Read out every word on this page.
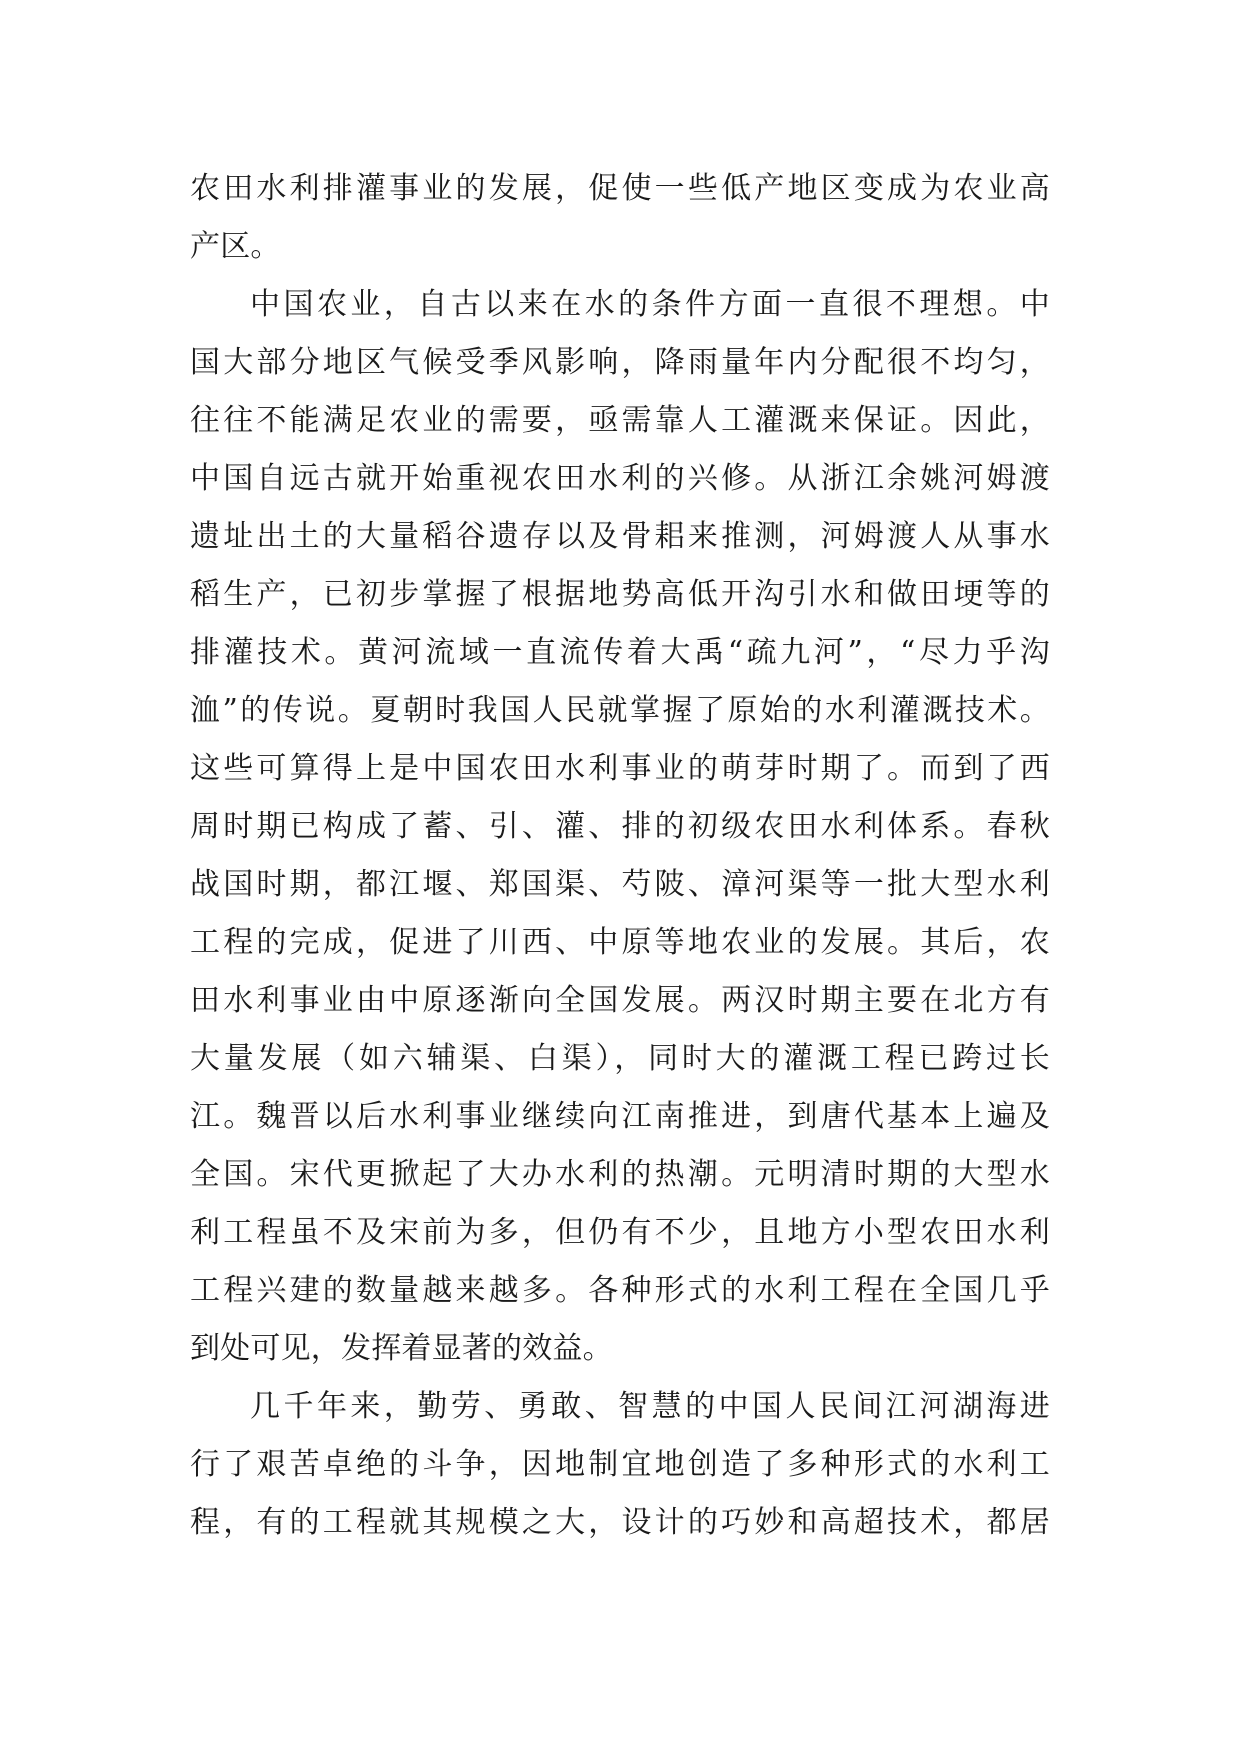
农田水利排灌事业的发展，促使一些低产地区变成为农业高
产区。
中国农业，自古以来在水的条件方面一直很不理想。中
国大部分地区气候受季风影响，降雨量年内分配很不均匀，
往往不能满足农业的需要，亟需靠人工灌溉来保证。因此，
中国自远古就开始重视农田水利的兴修。从浙江余姚河姆渡
遗址出土的大量稻谷遗存以及骨耜来推测，河姆渡人从事水
稻生产，已初步掌握了根据地势高低开沟引水和做田埂等的
排灌技术。黄河流域一直流传着大禹“疏九河”，“尽力乎沟
洫”的传说。夏朝时我国人民就掌握了原始的水利灌溉技术。
这些可算得上是中国农田水利事业的萌芽时期了。而到了西
周时期已构成了蓄、引、灌、排的初级农田水利体系。春秋
战国时期，都江堰、郑国渠、芍陂、漳河渠等一批大型水利
工程的完成，促进了川西、中原等地农业的发展。其后，农
田水利事业由中原逐渐向全国发展。两汉时期主要在北方有
大量发展（如六辅渠、白渠），同时大的灌溉工程已跨过长
江。魏晋以后水利事业继续向江南推进，到唐代基本上遍及
全国。宋代更掀起了大办水利的热潮。元明清时期的大型水
利工程虽不及宋前为多，但仍有不少，且地方小型农田水利
工程兴建的数量越来越多。各种形式的水利工程在全国几乎
到处可见，发挥着显著的效益。
几千年来，勤劳、勇敢、智慧的中国人民间江河湖海进
行了艰苦卓绝的斗争，因地制宜地创造了多种形式的水利工
程，有的工程就其规模之大，设计的巧妙和高超技术，都居
